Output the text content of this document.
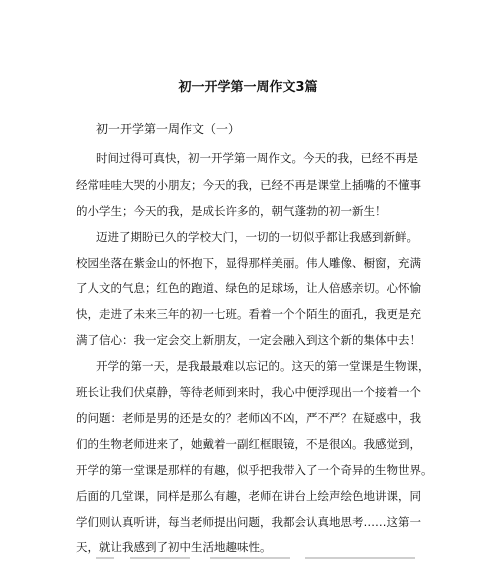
初一开学第一周作文3篇
初一开学第一周作文（一）
时间过得可真快，初一开学第一周作文。今天的我，已经不再是
经常哇哇大哭的小朋友；今天的我，已经不再是课堂上插嘴的不懂事
的小学生；今天的我，是成长许多的，朝气蓬勃的初一新生！
迈进了期盼已久的学校大门，一切的一切似乎都让我感到新鲜。
校园坐落在紫金山的怀抱下，显得那样美丽。伟人雕像、橱窗，充满
了人文的气息；红色的跑道、绿色的足球场，让人倍感亲切。心怀愉
快，走进了未来三年的初一七班。看着一个个陌生的面孔，我更是充
满了信心：我一定会交上新朋友，一定会融入到这个新的集体中去！
开学的第一天，是我最最难以忘记的。这天的第一堂课是生物课，
班长让我们伏桌静，等待老师到来时，我心中便浮现出一个接着一个
的问题：老师是男的还是女的？老师凶不凶，严不严？在疑惑中，我
们的生物老师进来了，她戴着一副红框眼镜，不是很凶。我感觉到，
开学的第一堂课是那样的有趣，似乎把我带入了一个奇异的生物世界。
后面的几堂课，同样是那么有趣，老师在讲台上绘声绘色地讲课，同
学们则认真听讲，每当老师提出问题，我都会认真地思考……这第一
天，就让我感到了初中生活地趣味性。
